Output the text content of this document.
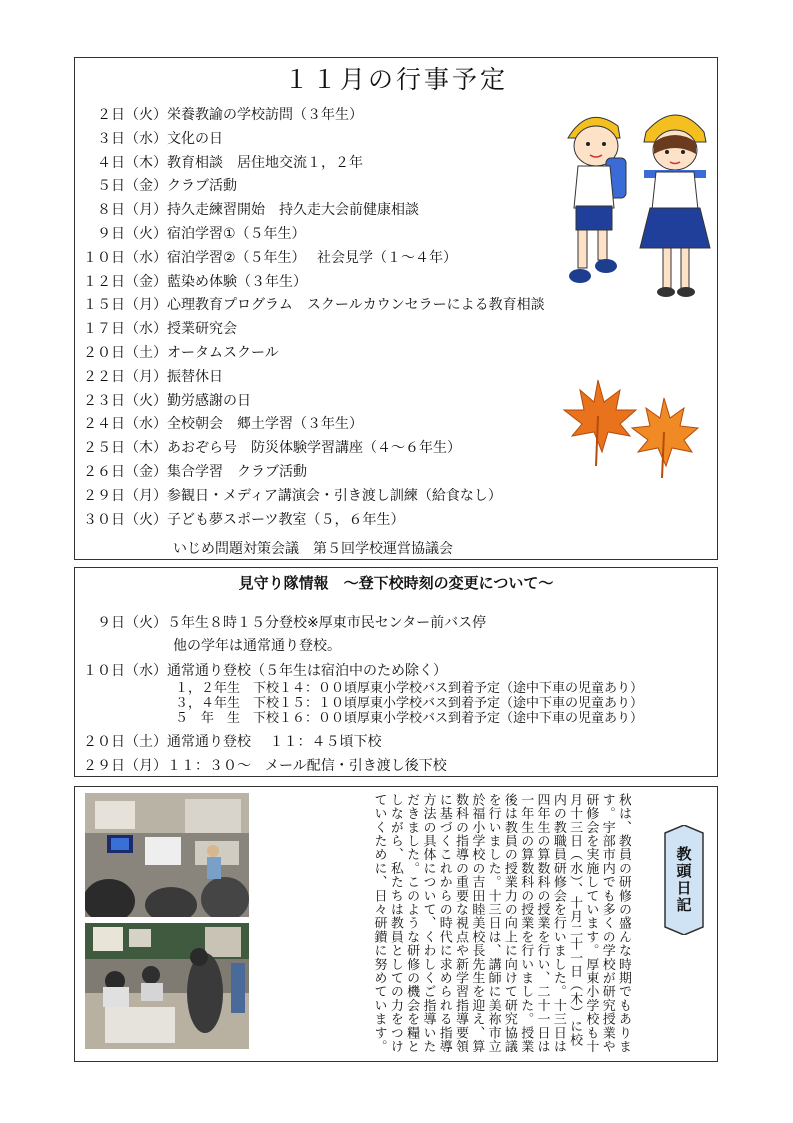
１１月の行事予定
２日（火）栄養教諭の学校訪問（３年生）
３日（水）文化の日
４日（木）教育相談　居住地交流１，２年
５日（金）クラブ活動
８日（月）持久走練習開始　持久走大会前健康相談
９日（火）宿泊学習①（５年生）
１０日（水）宿泊学習②（５年生）　 社会見学（１～４年）
１２日（金）藍染め体験（３年生）
１５日（月）心理教育プログラム　スクールカウンセラーによる教育相談
１７日（水）授業研究会
２０日（土）オータムスクール
２２日（月）振替休日
２３日（火）勤労感謝の日
２４日（水）全校朝会　郷土学習（３年生）
２５日（木）あおぞら号　防災体験学習講座（４～６年生）
２６日（金）集合学習　クラブ活動
２９日（月）参観日・メディア講演会・引き渡し訓練（給食なし）
３０日（火）子ども夢スポーツ教室（５，６年生）
いじめ問題対策会議　第５回学校運営協議会
見守り隊情報　～登下校時刻の変更について～
９日（火）５年生８時１５分登校※厚東市民センター前バス停
他の学年は通常通り登校。
１０日（水）通常通り登校（５年生は宿泊中のため除く）
１，２年生　下校１４：００頃厚東小学校バス到着予定（途中下車の児童あり）
３，４年生　下校１５：１０頃厚東小学校バス到着予定（途中下車の児童あり）
５　年　生　下校１６：００頃厚東小学校バス到着予定（途中下車の児童あり）
２０日（土）通常通り登校　 １１：４５頃下校
２９日（月）１１：３０～　メール配信・引き渡し後下校
秋は、教員の研修の盛んな時期でもあります。宇部市内でも多くの学校が研究授業や研修会を実施しています。厚東小学校も十月十三日（水）、十月二十一日（木）に校内の教職員研修会を行いました。十三日は四年生の算数科の授業を行い、二十一日は一年生の算数科の授業を行いました。授業後は教員の授業力の向上に向けて研究協議を行いました。十三日は、講師に美祢市立於福小学校の吉田睦美校長先生を迎え、算数科の指導の重要な視点や新学習指導要領に基づくこれからの時代に求められる指導方法の具体について、くわしくご指導いただきました。このような研修の機会を糧としながら、私たちは教員としての力をつけていくために、日々研鑚に努めています。	教頭日記
